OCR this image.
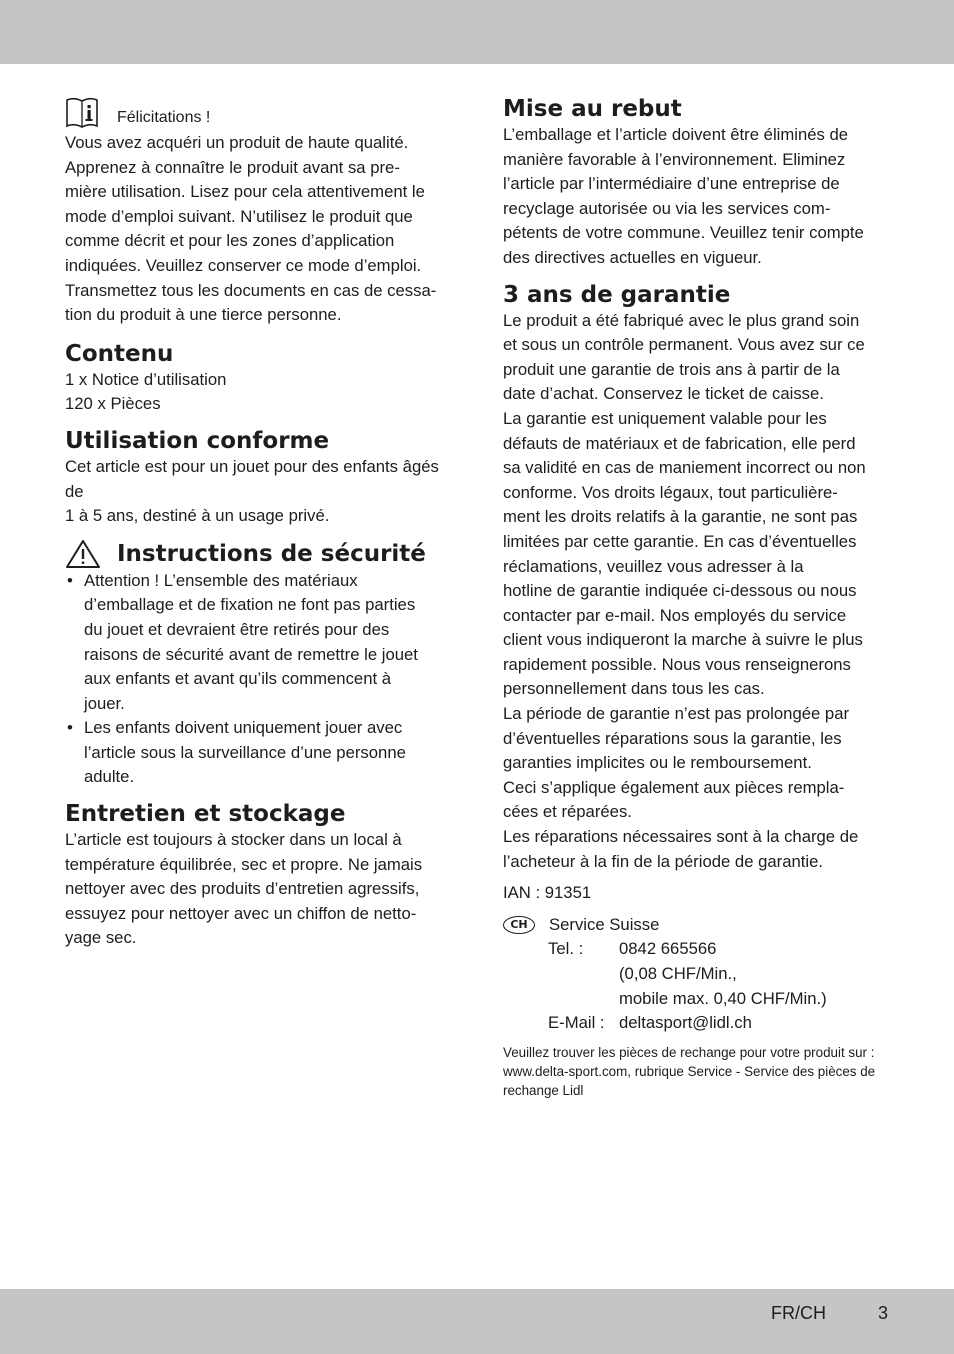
Félicitations !

Vous avez acquéri un produit de haute qualité.

Apprenez à connaître le produit avant sa pre-

mière utilisation. Lisez pour cela attentivement le

mode d’emploi suivant. N’utilisez le produit que

comme décrit et pour les zones d’application

indiquées. Veuillez conserver ce mode d’emploi.

Transmettez tous les documents en cas de cessa-

tion du produit à une tierce personne.

Contenu

1 x Notice d’utilisation

120 x Pièces

Utilisation conforme

Cet article est pour un jouet pour des enfants âgés de

1 à 5 ans, destiné à un usage privé.

Instructions de sécurité

• Attention ! L’ensemble des matériaux

d’emballage et de fixation ne font pas parties

du jouet et devraient être retirés pour des

raisons de sécurité avant de remettre le jouet

aux enfants et avant qu’ils commencent à

jouer.

• Les enfants doivent uniquement jouer avec

l’article sous la surveillance d’une personne

adulte.

Entretien et stockage

L’article est toujours à stocker dans un local à

température équilibrée, sec et propre. Ne jamais

nettoyer avec des produits d’entretien agressifs,

essuyez pour nettoyer avec un chiffon de netto-

yage sec.

Mise au rebut

L’emballage et l’article doivent être éliminés de

manière favorable à l’environnement. Eliminez

l’article par l’intermédiaire d’une entreprise de

recyclage autorisée ou via les services com-

pétents de votre commune. Veuillez tenir compte

des directives actuelles en vigueur.

3 ans de garantie

Le produit a été fabriqué avec le plus grand soin

et sous un contrôle permanent. Vous avez sur ce

produit une garantie de trois ans à partir de la

date d’achat. Conservez le ticket de caisse.

La garantie est uniquement valable pour les

défauts de matériaux et de fabrication, elle perd

sa validité en cas de maniement incorrect ou non

conforme. Vos droits légaux, tout particulière-

ment les droits relatifs à la garantie, ne sont pas

limitées par cette garantie. En cas d’éventuelles

réclamations, veuillez vous adresser à la

hotline de garantie indiquée ci-dessous ou nous

contacter par e-mail. Nos employés du service

client vous indiqueront la marche à suivre le plus

rapidement possible. Nous vous renseignerons

personnellement dans tous les cas.

La période de garantie n’est pas prolongée par

d’éventuelles réparations sous la garantie, les

garanties implicites ou le remboursement.

Ceci s’applique également aux pièces rempla-

cées et réparées.

Les réparations nécessaires sont à la charge de

l’acheteur à la fin de la période de garantie.

IAN : 91351

CH	Service Suisse
Tel. :	0842 665566
(0,08 CHF/Min.,
mobile max. 0,40 CHF/Min.)
E-Mail : deltasport@lidl.ch

Veuillez trouver les pièces de rechange pour votre produit sur :

www.delta-sport.com, rubrique Service - Service des pièces de

rechange Lidl

FR/CH	3
